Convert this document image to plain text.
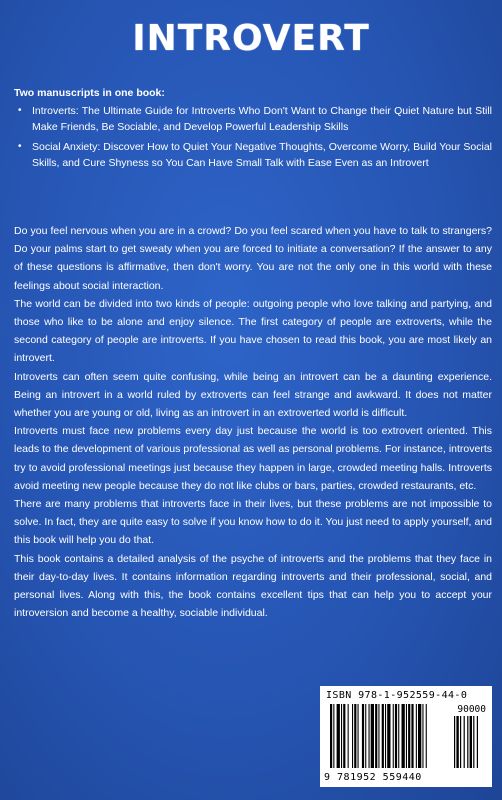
INTROVERT

Two manuscripts in one book:

• Introverts: The Ultimate Guide for Introverts Who Don't Want to Change their Quiet Nature but Still Make Friends, Be Sociable, and Develop Powerful Leadership Skills
• Social Anxiety: Discover How to Quiet Your Negative Thoughts, Overcome Worry, Build Your Social Skills, and Cure Shyness so You Can Have Small Talk with Ease Even as an Introvert

Do you feel nervous when you are in a crowd? Do you feel scared when you have to talk to strangers? Do your palms start to get sweaty when you are forced to initiate a conversation? If the answer to any of these questions is affirmative, then don't worry. You are not the only one in this world with these feelings about social interaction.

The world can be divided into two kinds of people: outgoing people who love talking and partying, and those who like to be alone and enjoy silence. The first category of people are extroverts, while the second category of people are introverts. If you have chosen to read this book, you are most likely an introvert.

Introverts can often seem quite confusing, while being an introvert can be a daunting experience. Being an introvert in a world ruled by extroverts can feel strange and awkward. It does not matter whether you are young or old, living as an introvert in an extroverted world is difficult.

Introverts must face new problems every day just because the world is too extrovert oriented. This leads to the development of various professional as well as personal problems. For instance, introverts try to avoid professional meetings just because they happen in large, crowded meeting halls. Introverts avoid meeting new people because they do not like clubs or bars, parties, crowded restaurants, etc.

There are many problems that introverts face in their lives, but these problems are not impossible to solve. In fact, they are quite easy to solve if you know how to do it. You just need to apply yourself, and this book will help you do that.

This book contains a detailed analysis of the psyche of introverts and the problems that they face in their day-to-day lives. It contains information regarding introverts and their professional, social, and personal lives. Along with this, the book contains excellent tips that can help you to accept your introversion and become a healthy, sociable individual.

ISBN 978-1-952559-44-0
90000
9 781952 559440
